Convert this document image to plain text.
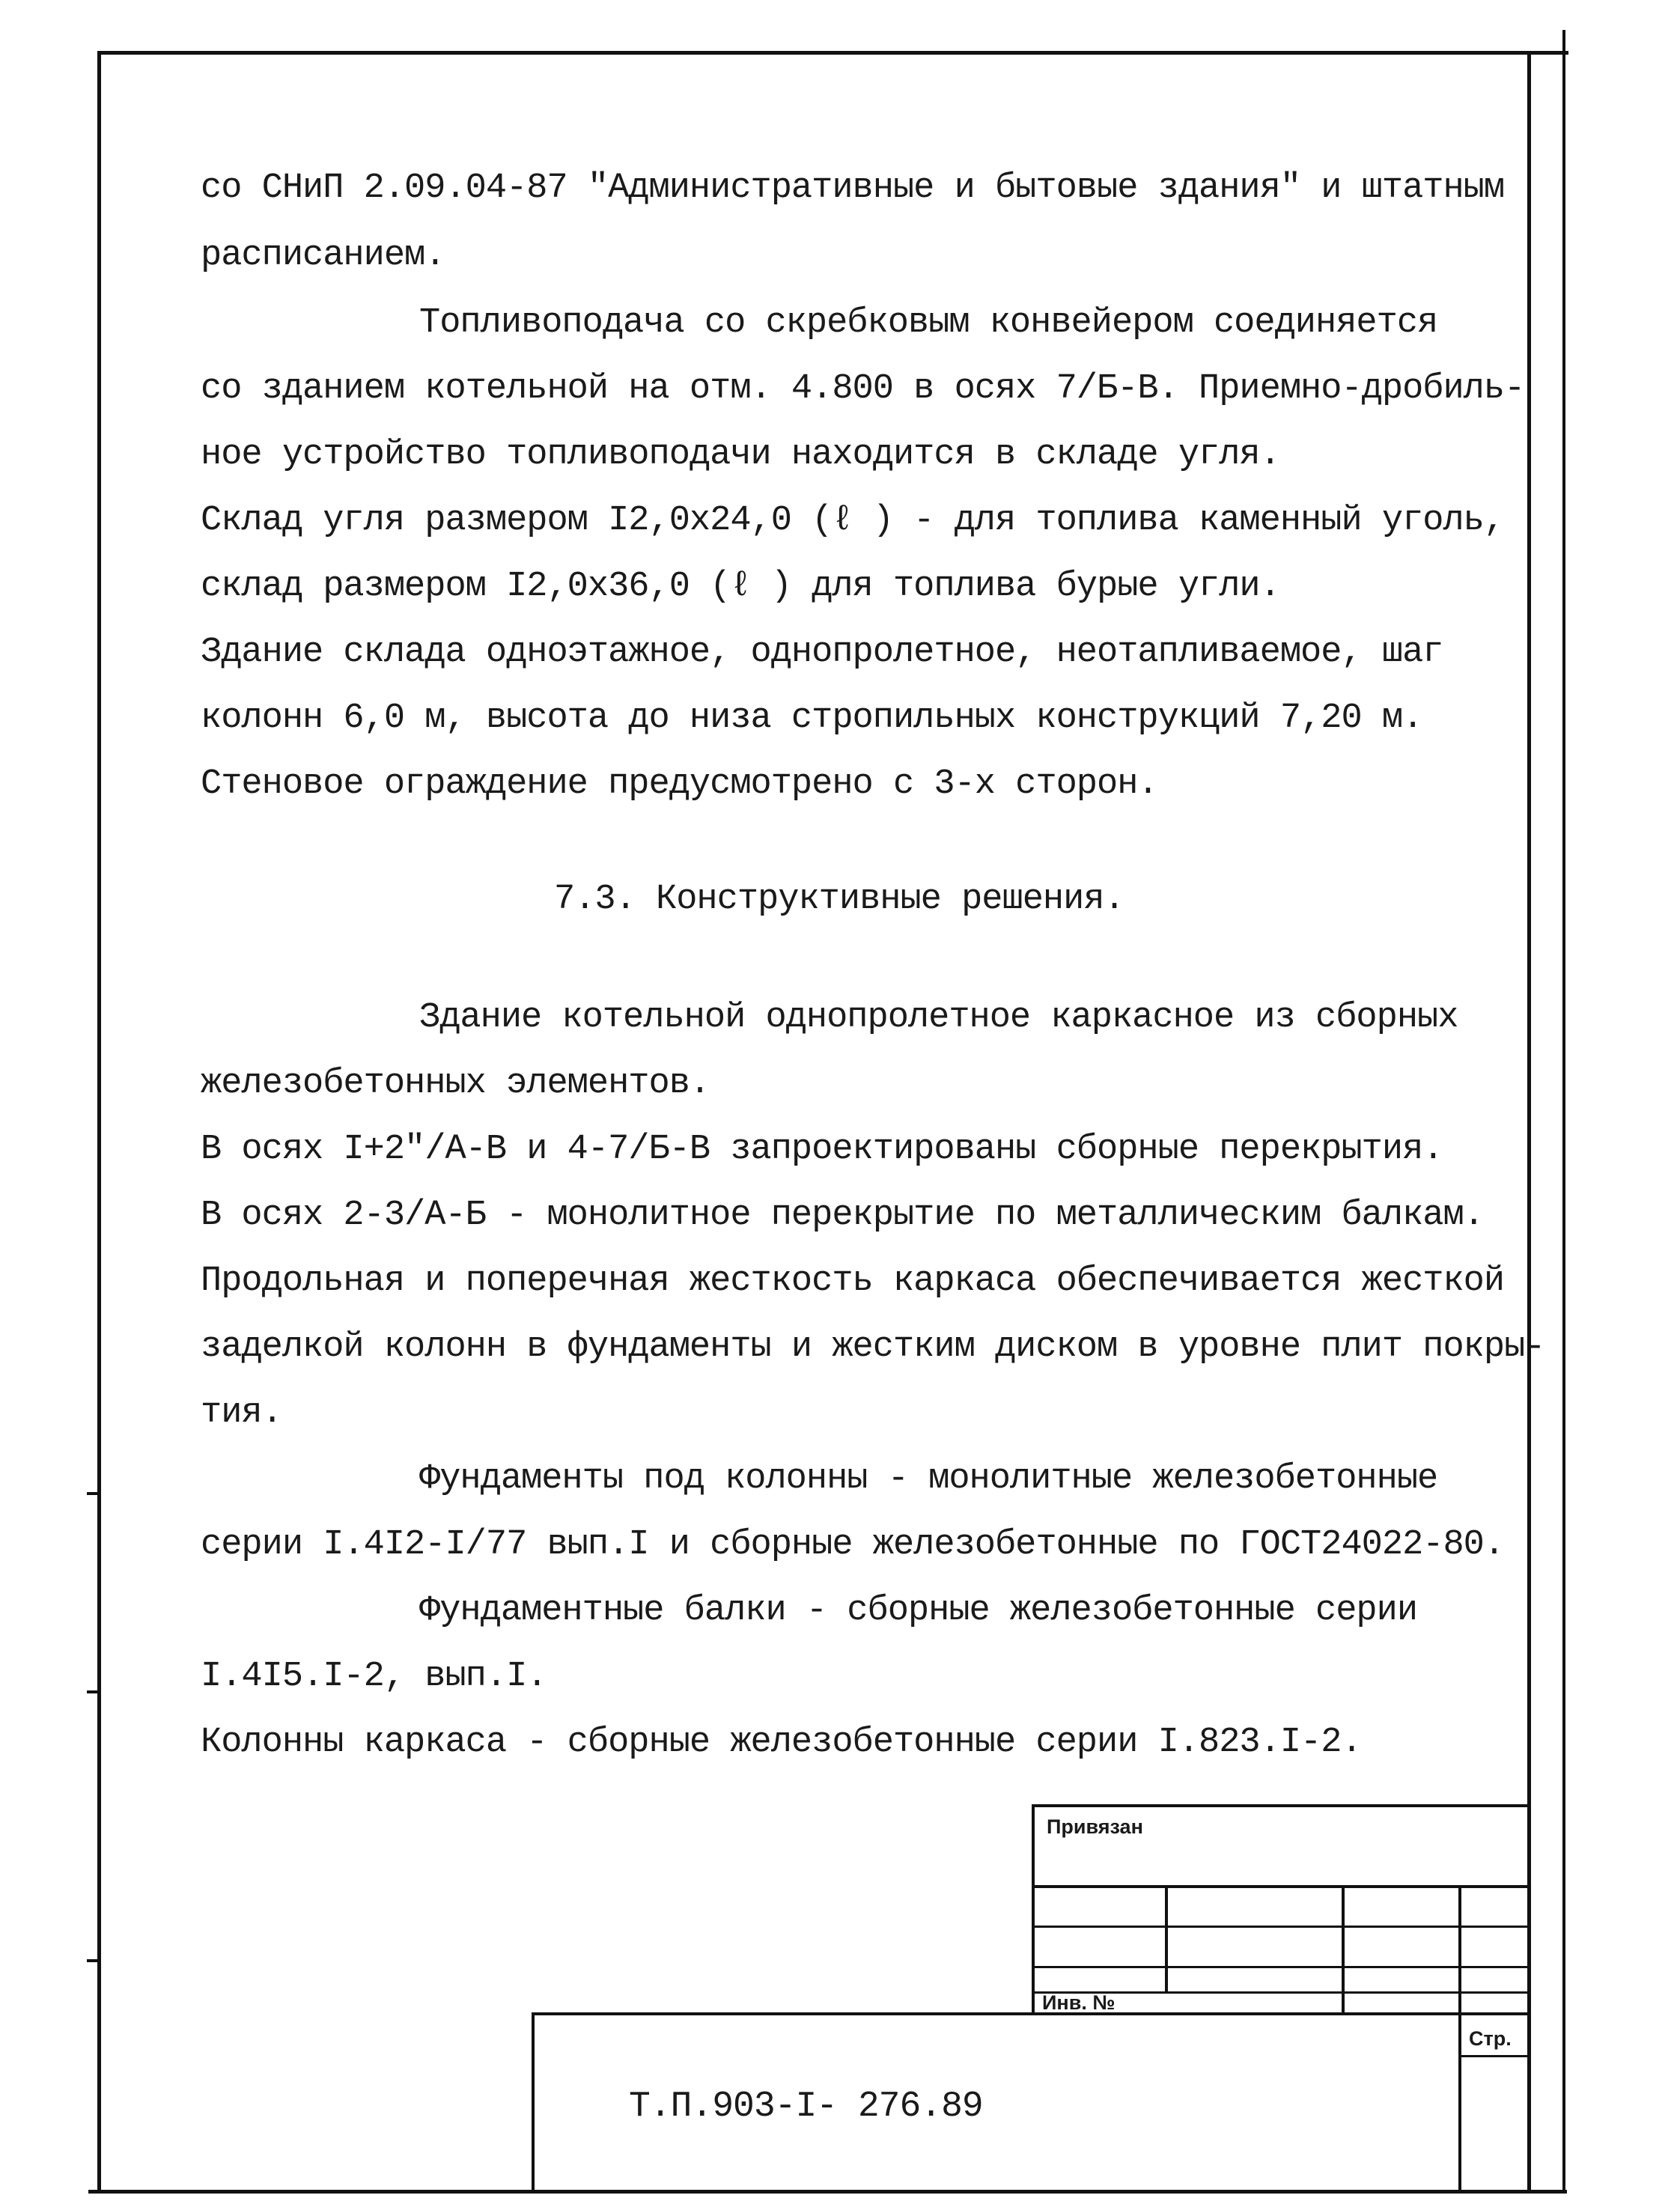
со СНиП 2.09.04-87 "Административные и бытовые здания" и штатным
расписанием.
Топливоподача со скребковым конвейером соединяется
со зданием котельной на отм. 4.800 в осях 7/Б-В. Приемно-дробиль-
ное устройство топливоподачи находится в складе угля.
Склад угля размером I2,0x24,0 (ℓ ) - для топлива каменный уголь,
склад размером I2,0x36,0 (ℓ ) для топлива бурые угли.
Здание склада одноэтажное, однопролетное, неотапливаемое, шаг
колонн 6,0 м, высота до низа стропильных конструкций 7,20 м.
Стеновое ограждение предусмотрено с 3-х сторон.
7.3. Конструктивные решения.
Здание котельной однопролетное каркасное из сборных
железобетонных элементов.
В осях I+2"/А-В и 4-7/Б-В запроектированы сборные перекрытия.
В осях 2-3/А-Б - монолитное перекрытие по металлическим балкам.
Продольная и поперечная жесткость каркаса обеспечивается жесткой
заделкой колонн в фундаменты и жестким диском в уровне плит покры-
тия.
Фундаменты под колонны - монолитные железобетонные
серии I.4I2-I/77 вып.I и сборные железобетонные по ГОСТ24022-80.
Фундаментные балки - сборные железобетонные серии
I.4I5.I-2, вып.I.
Колонны каркаса - сборные железобетонные серии I.823.I-2.
Привязан
Инв. №
Стр.
Т.П.903-I- 276.89
